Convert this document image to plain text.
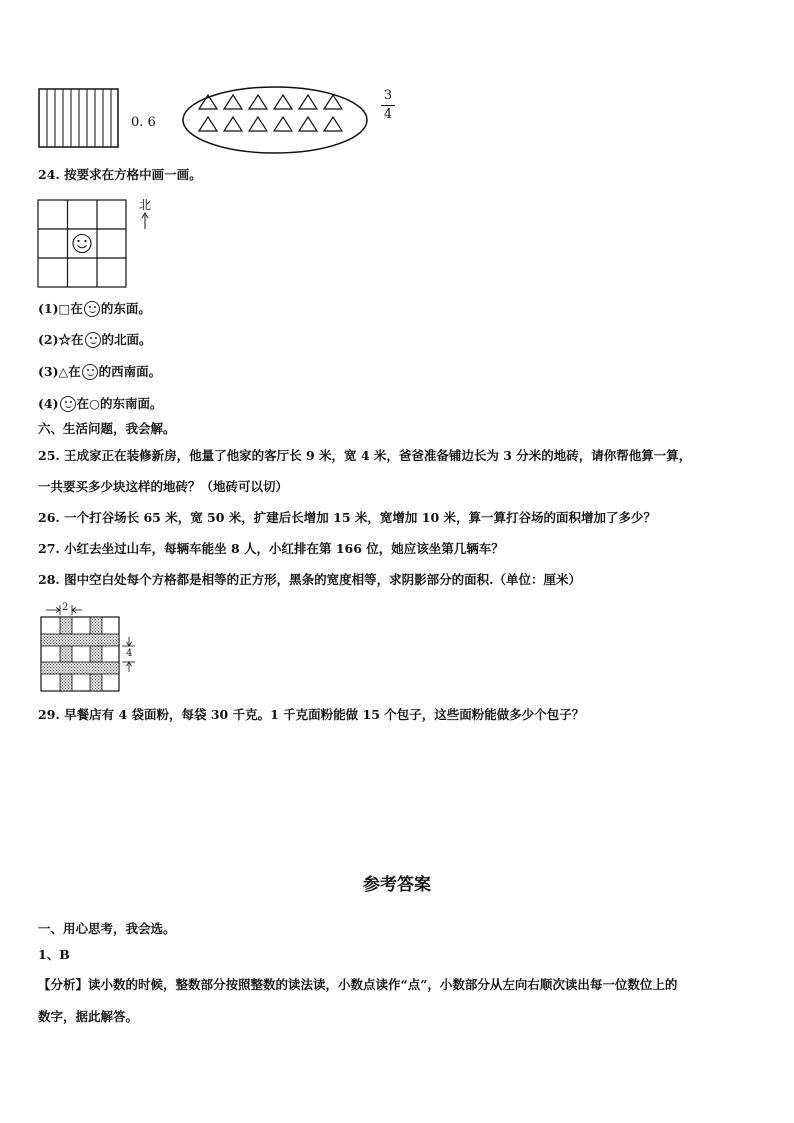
0. 6
3
4
24. 按要求在方格中画一画。
北
(1)□在 的东面。
(2)☆在 的北面。
(3)△在 的西南面。
(4) 在○的东南面。
六、生活问题，我会解。
25. 王成家正在装修新房，他量了他家的客厅长 9 米，宽 4 米，爸爸准备铺边长为 3 分米的地砖，请你帮他算一算，
一共要买多少块这样的地砖？（地砖可以切）
26. 一个打谷场长 65 米，宽 50 米，扩建后长增加 15 米，宽增加 10 米，算一算打谷场的面积增加了多少？
27. 小红去坐过山车，每辆车能坐 8 人，小红排在第 166 位，她应该坐第几辆车？
28. 图中空白处每个方格都是相等的正方形，黑条的宽度相等，求阴影部分的面积.（单位：厘米）
2
4
29. 早餐店有 4 袋面粉，每袋 30 千克。1 千克面粉能做 15 个包子，这些面粉能做多少个包子？
参考答案
一、用心思考，我会选。
1、B
【分析】读小数的时候，整数部分按照整数的读法读，小数点读作“点”，小数部分从左向右顺次读出每一位数位上的
数字，据此解答。
